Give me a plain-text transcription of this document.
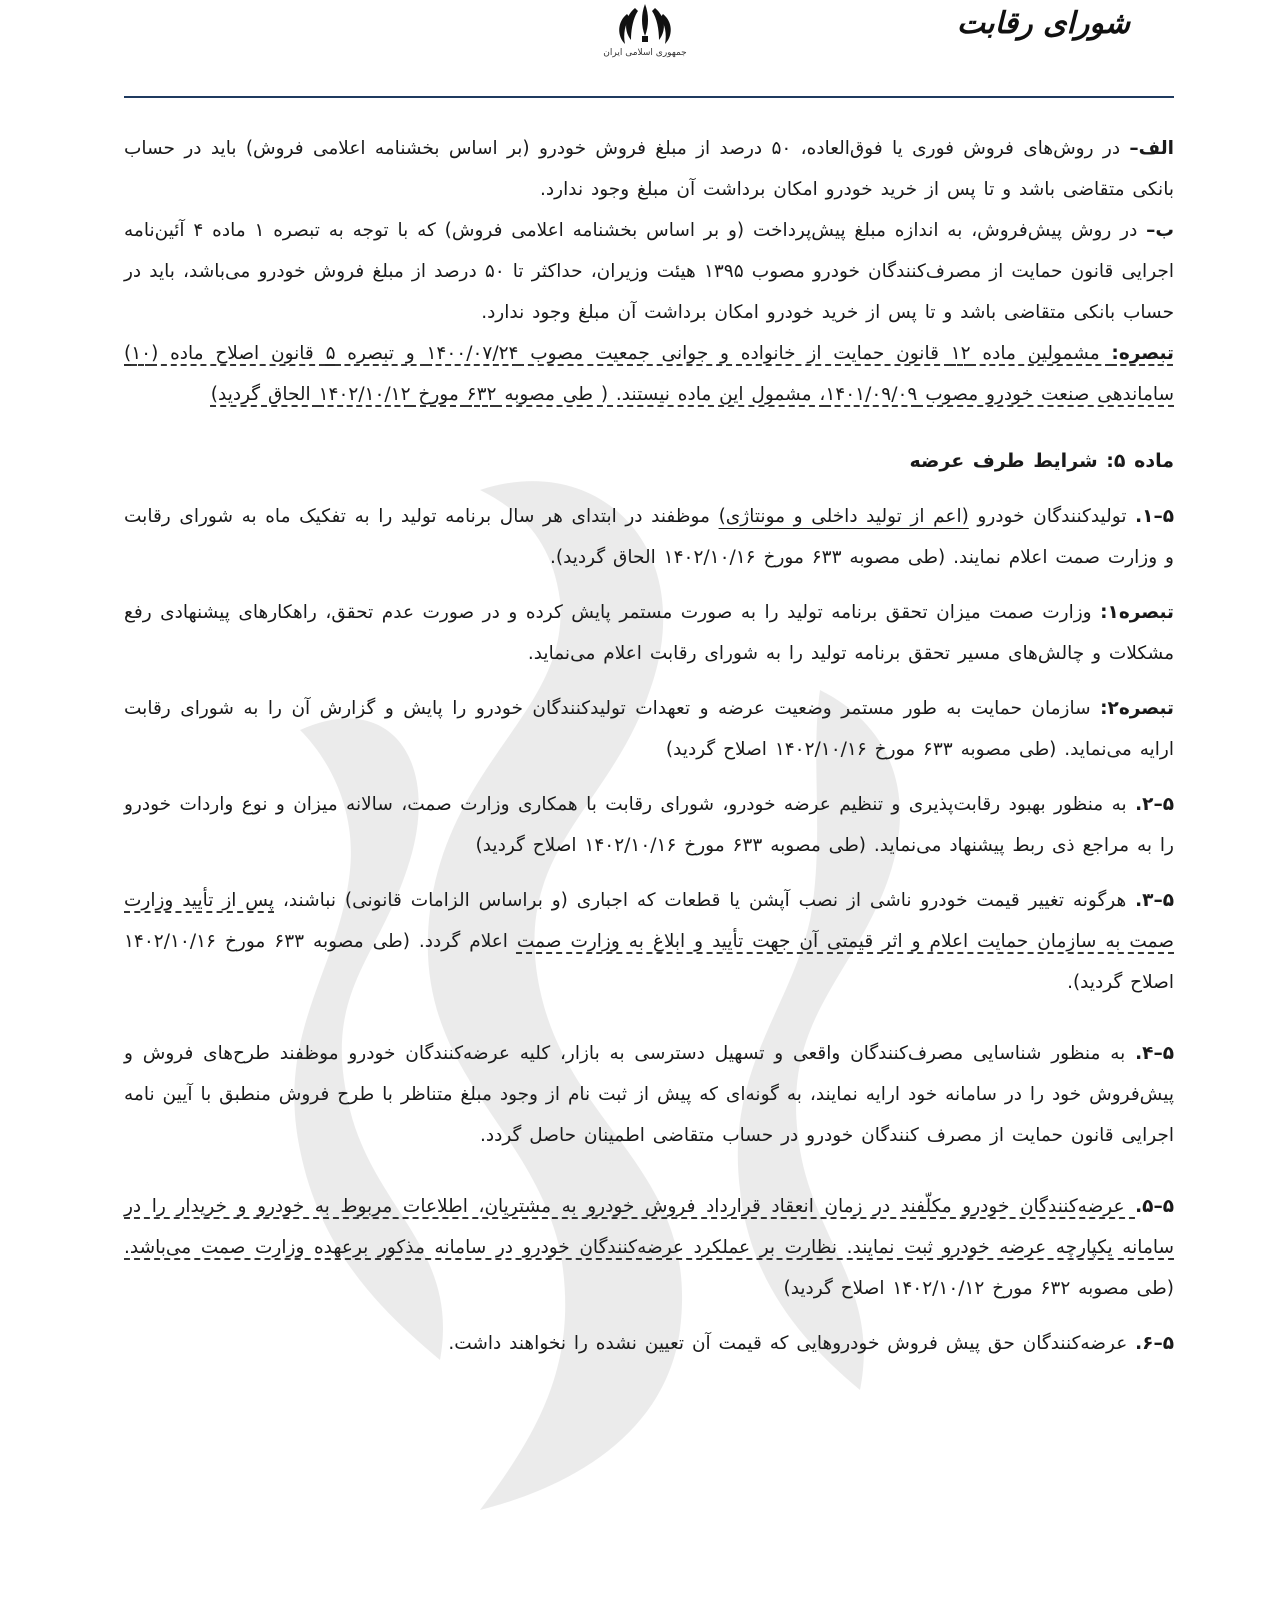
جمهوری اسلامی ایران
شورای رقابت

الف– در روش‌های فروش فوری یا فوق‌العاده، ۵۰ درصد از مبلغ فروش خودرو (بر اساس بخشنامه اعلامی فروش) باید در حساب بانکی متقاضی باشد و تا پس از خرید خودرو امکان برداشت آن مبلغ وجود ندارد.

ب– در روش پیش‌فروش، به اندازه مبلغ پیش‌پرداخت (و بر اساس بخشنامه اعلامی فروش) که با توجه به تبصره ۱ ماده ۴ آئین‌نامه اجرایی قانون حمایت از مصرف‌کنندگان خودرو مصوب ۱۳۹۵ هیئت وزیران، حداکثر تا ۵۰ درصد از مبلغ فروش خودرو می‌باشد، باید در حساب بانکی متقاضی باشد و تا پس از خرید خودرو امکان برداشت آن مبلغ وجود ندارد.

تبصره: مشمولین ماده ۱۲ قانون حمایت از خانواده و جوانی جمعیت مصوب ۱۴۰۰/۰۷/۲۴ و تبصره ۵ قانون اصلاح ماده (۱۰) ساماندهی صنعت خودرو مصوب ۱۴۰۱/۰۹/۰۹، مشمول این ماده نیستند. ( طی مصوبه ۶۳۲ مورخ ۱۴۰۲/۱۰/۱۲ الحاق گردید)

ماده ۵: شرایط طرف عرضه

۵–۱. تولیدکنندگان خودرو (اعم از تولید داخلی و مونتاژی) موظفند در ابتدای هر سال برنامه تولید را به تفکیک ماه به شورای رقابت و وزارت صمت اعلام نمایند. (طی مصوبه ۶۳۳ مورخ ۱۴۰۲/۱۰/۱۶ الحاق گردید).

تبصره۱: وزارت صمت میزان تحقق برنامه تولید را به صورت مستمر پایش کرده و در صورت عدم تحقق، راهکارهای پیشنهادی رفع مشکلات و چالش‌های مسیر تحقق برنامه تولید را به شورای رقابت اعلام می‌نماید.

تبصره۲: سازمان حمایت به طور مستمر وضعیت عرضه و تعهدات تولیدکنندگان خودرو را پایش و گزارش آن را به شورای رقابت ارایه می‌نماید. (طی مصوبه ۶۳۳ مورخ ۱۴۰۲/۱۰/۱۶ اصلاح گردید)

۵–۲. به منظور بهبود رقابت‌پذیری و تنظیم عرضه خودرو، شورای رقابت با همکاری وزارت صمت، سالانه میزان و نوع واردات خودرو را به مراجع ذی ربط پیشنهاد می‌نماید. (طی مصوبه ۶۳۳ مورخ ۱۴۰۲/۱۰/۱۶ اصلاح گردید)

۵–۳. هرگونه تغییر قیمت خودرو ناشی از نصب آپشن یا قطعات که اجباری (و براساس الزامات قانونی) نباشند، پس از تأیید وزارت صمت به سازمان حمایت اعلام و اثر قیمتی آن جهت تأیید و ابلاغ به وزارت صمت اعلام گردد. (طی مصوبه ۶۳۳ مورخ ۱۴۰۲/۱۰/۱۶ اصلاح گردید).

۵–۴. به منظور شناسایی مصرف‌کنندگان واقعی و تسهیل دسترسی به بازار، کلیه عرضه‌کنندگان خودرو موظفند طرح‌های فروش و پیش‌فروش خود را در سامانه خود ارایه نمایند، به گونه‌ای که پیش از ثبت نام از وجود مبلغ متناظر با طرح فروش منطبق با آیین نامه اجرایی قانون حمایت از مصرف کنندگان خودرو در حساب متقاضی اطمینان حاصل گردد.

۵–۵. عرضه‌کنندگان خودرو مکلّفند در زمان انعقاد قرارداد فروش خودرو به مشتریان، اطلاعات مربوط به خودرو و خریدار را در سامانه یکپارچه عرضه خودرو ثبت نمایند. نظارت بر عملکرد عرضه‌کنندگان خودرو در سامانه مذکور برعهده وزارت صمت می‌باشد. (طی مصوبه ۶۳۲ مورخ ۱۴۰۲/۱۰/۱۲ اصلاح گردید)

۵–۶. عرضه‌کنندگان حق پیش فروش خودروهایی که قیمت آن تعیین نشده را نخواهند داشت.
